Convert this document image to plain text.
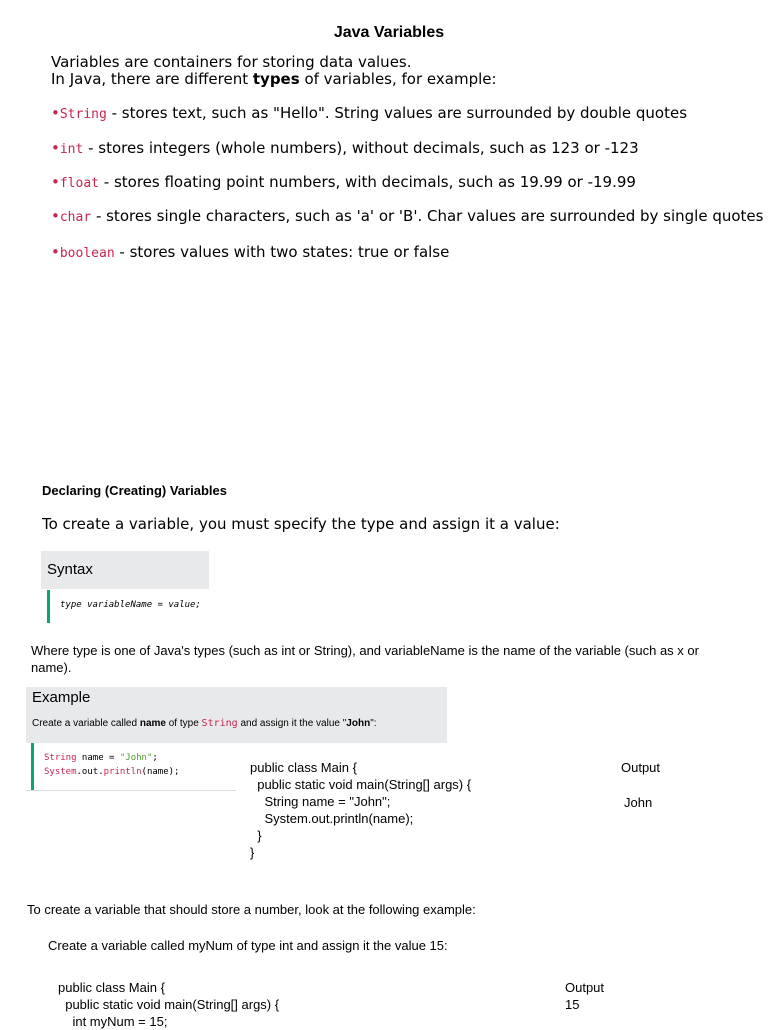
Java Variables
Variables are containers for storing data values.
In Java, there are different types of variables, for example:
•String - stores text, such as "Hello". String values are surrounded by double quotes
•int - stores integers (whole numbers), without decimals, such as 123 or -123
•float - stores floating point numbers, with decimals, such as 19.99 or -19.99
•char - stores single characters, such as 'a' or 'B'. Char values are surrounded by single quotes
•boolean - stores values with two states: true or false
Declaring (Creating) Variables
To create a variable, you must specify the type and assign it a value:
Syntax
type variableName = value;
Where type is one of Java's types (such as int or String), and variableName is the name of the variable (such as x or
name).
Example
Create a variable called name of type String and assign it the value "John":
String name = "John";
System.out.println(name);	public class Main {
public static void main(String[] args) {
String name = "John";
System.out.println(name);
}
}
Output
John
To create a variable that should store a number, look at the following example:
Create a variable called myNum of type int and assign it the value 15:
public class Main {
public static void main(String[] args) {
int myNum = 15;
Output
15
